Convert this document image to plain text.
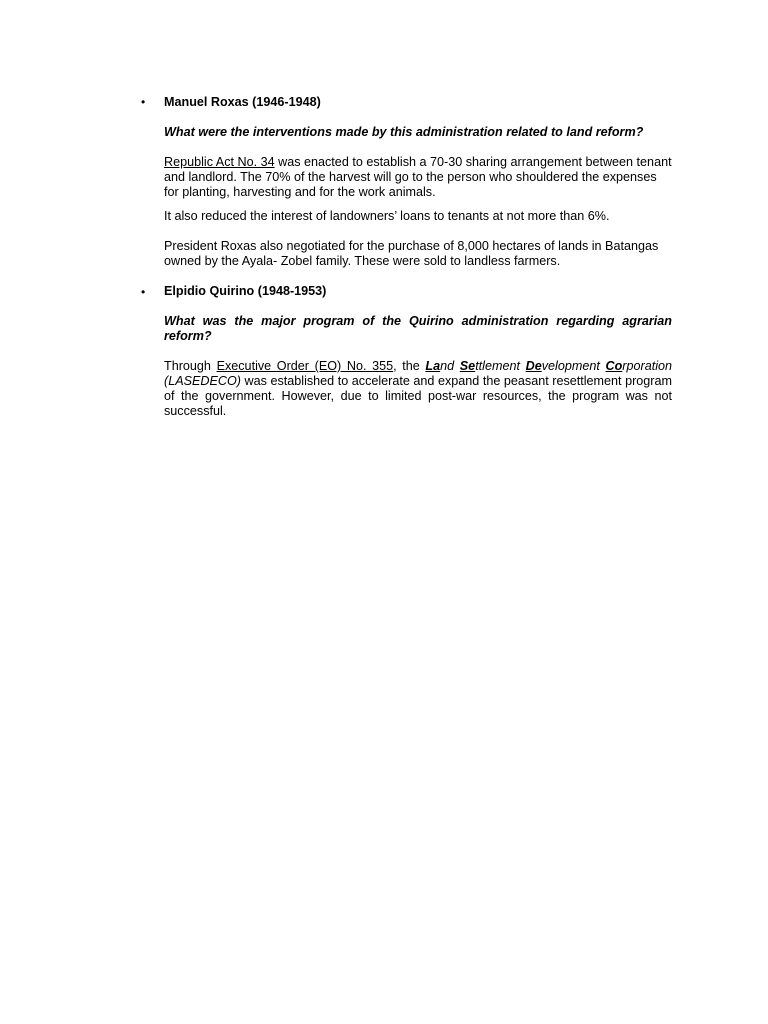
•	Manuel Roxas (1946-1948)
What were the interventions made by this administration related to land reform?
Republic Act No. 34 was enacted to establish a 70-30 sharing arrangement between tenant and landlord. The 70% of the harvest will go to the person who shouldered the expenses for planting, harvesting and for the work animals.
It also reduced the interest of landowners’ loans to tenants at not more than 6%.
President Roxas also negotiated for the purchase of 8,000 hectares of lands in Batangas owned by the Ayala- Zobel family. These were sold to landless farmers.
•	Elpidio Quirino (1948-1953)
What was the major program of the Quirino administration regarding agrarian reform?
Through Executive Order (EO) No. 355, the Land Settlement Development Corporation (LASEDECO) was established to accelerate and expand the peasant resettlement program of the government. However, due to limited post-war resources, the program was not successful.
